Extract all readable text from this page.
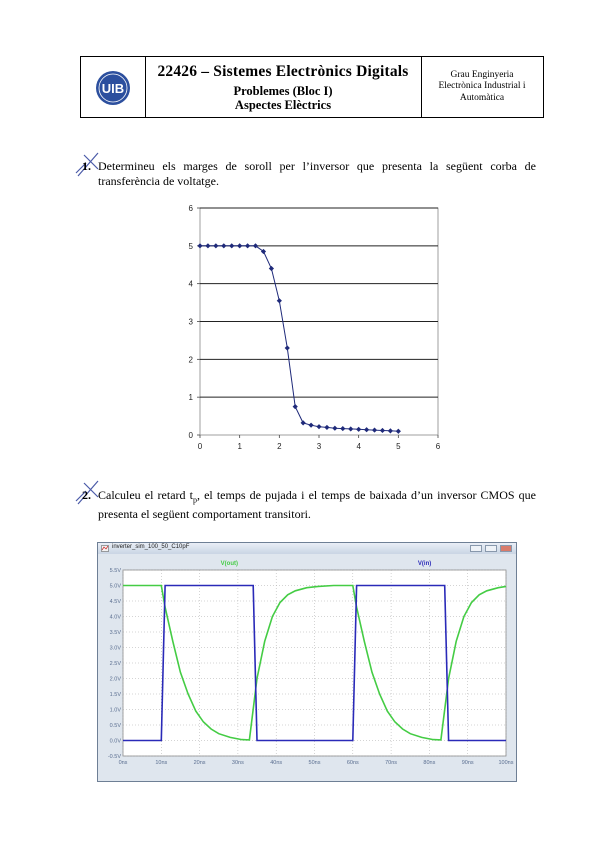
UIB
22426 – Sistemes Electrònics Digitals
Problemes (Bloc I)
Aspectes Elèctrics
Grau Enginyeria
Electrònica Industrial i
Automàtica
1. Determineu els marges de soroll per l’inversor que presenta la següent corba de transferència de voltatge.
0
1
2
3
4
5
6
0	1	2	3	4	5	6
2. Calculeu el retard $t_p$, el temps de pujada i el temps de baixada d’un inversor CMOS que presenta el següent comportament transitori.
inverter_sim_100_50_C10pF
5.5V
5.0V
4.5V
4.0V
3.5V
3.0V
2.5V
2.0V
1.5V
1.0V
0.5V
0.0V
-0.5V
0ns	10ns	20ns	30ns	40ns	50ns	60ns	70ns	80ns	90ns	100ns
V(out)	V(in)
